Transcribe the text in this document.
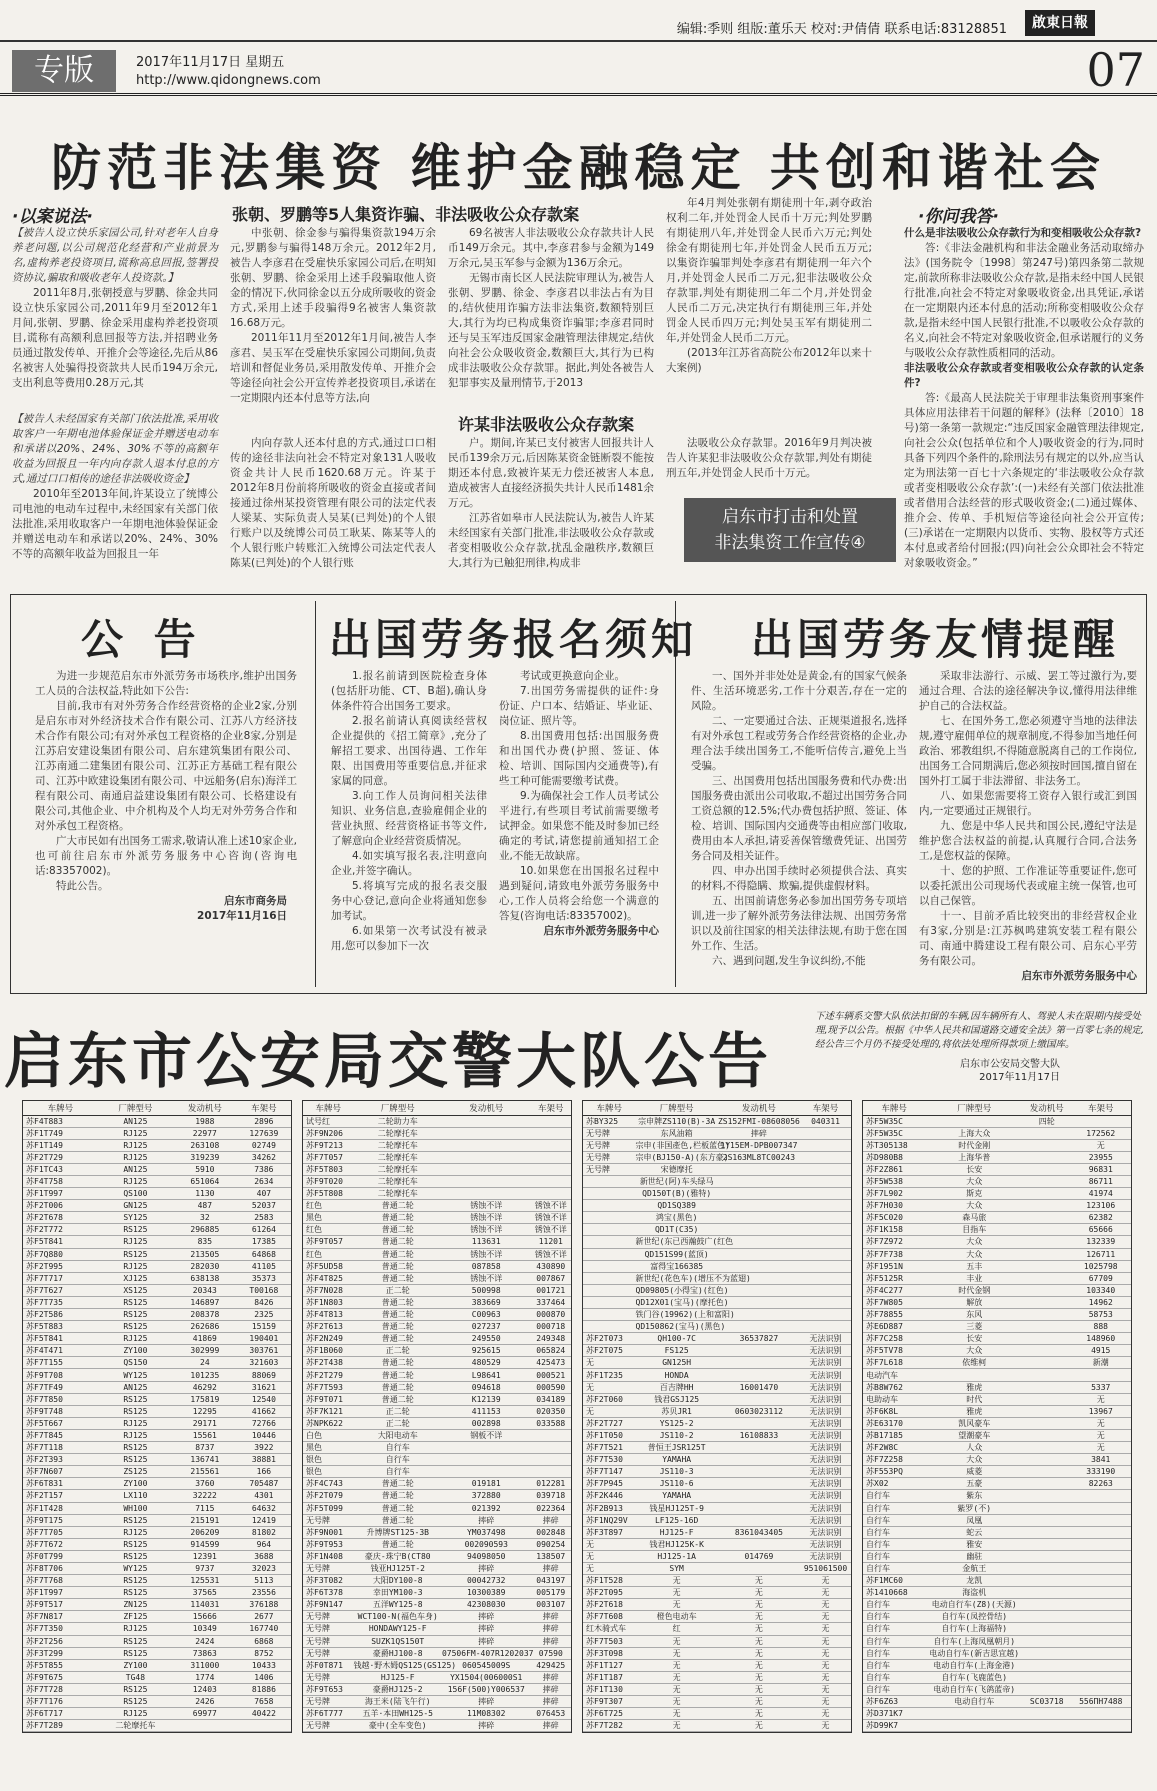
编辑:季则 组版:董乐天 校对:尹倩倩 联系电话:83128851	啟東日報
专版	2017年11月17日 星期五
http://www.qidongnews.com	07
防范非法集资 维护金融稳定 共创和谐社会
·以案说法·	张朝、罗鹏等5人集资诈骗、非法吸收公众存款案

【被告人设立快乐家园公司,针对老年人自身养老问题,以公司规范化经营和产业前景为名,虚构养老投资项目,谎称高息回报,签署投资协议,骗取和吸收老年人投资款。】

2011年8月,张朝授意与罗鹏、徐金共同设立快乐家园公司,2011年9月至2012年1月间,张朝、罗鹏、徐金采用虚构养老投资项目,谎称有高额利息回报等方法,并招聘业务员通过散发传单、开推介会等途径,先后从86名被害人处骗得投资款共人民币194万余元,支出利息等费用0.28万元,其

中张朝、徐金参与骗得集资款194万余元,罗鹏参与骗得148万余元。2012年2月,被告人李彦君在受雇快乐家园公司后,在明知张朝、罗鹏、徐金采用上述手段骗取他人资金的情况下,伙同徐金以五分成所吸收的资金方式,采用上述手段骗得9名被害人集资款16.68万元。

2011年11月至2012年1月间,被告人李彦君、吴玉军在受雇快乐家园公司期间,负责培训和督促业务员,采用散发传单、开推介会等途径向社会公开宣传养老投资项目,承诺在一定期限内还本付息等方法,向

69名被害人非法吸收公众存款共计人民币149万余元。其中,李彦君参与金额为149万余元,吴玉军参与金额为136万余元。

无锡市南长区人民法院审理认为,被告人张朝、罗鹏、徐金、李彦君以非法占有为目的,结伙使用诈骗方法非法集资,数额特别巨大,其行为均已构成集资诈骗罪;李彦君同时还与吴玉军违反国家金融管理法律规定,结伙向社会公众吸收资金,数额巨大,其行为已构成非法吸收公众存款罪。据此,判处各被告人犯罪事实及量刑情节,于2013

年4月判处张朝有期徒刑十年,剥夺政治权利二年,并处罚金人民币十万元;判处罗鹏有期徒刑八年,并处罚金人民币六万元;判处徐金有期徒刑七年,并处罚金人民币五万元;以集资诈骗罪判处李彦君有期徒刑一年六个月,并处罚金人民币二万元,犯非法吸收公众存款罪,判处有期徒刑二年二个月,并处罚金人民币二万元,决定执行有期徒刑三年,并处罚金人民币四万元;判处吴玉军有期徒刑二年,并处罚金人民币二万元。

(2013年江苏省高院公布2012年以来十大案例)

许某非法吸收公众存款案

【被告人未经国家有关部门依法批准,采用收取客户一年期电池体验保证金并赠送电动车和承诺以20%、24%、30%不等的高额年收益为回报且一年内向存款人退本付息的方式,通过口口相传的途径非法吸收资金】

2010年至2013年间,许某设立了统博公司电池的电动车过程中,未经国家有关部门依法批准,采用收取客户一年期电池体验保证金并赠送电动车和承诺以20%、24%、30%不等的高额年收益为回报且一年

内向存款人还本付息的方式,通过口口相传的途径非法向社会不特定对象131人吸收资金共计人民币1620.68万元。许某于2012年8月份前将所吸收的资金直接或者间接通过徐州某投资管理有限公司的法定代表人梁某、实际负责人吴某(已判处)的个人银行账户以及统博公司员工耿某、陈某等人的个人银行账户转账汇入统博公司法定代表人陈某(已判处)的个人银行账

户。期间,许某已支付被害人回报共计人民币139余万元,后因陈某资金链断裂不能按期还本付息,致被许某无力偿还被害人本息,造成被害人直接经济损失共计人民币1481余万元。

江苏省如皋市人民法院认为,被告人许某未经国家有关部门批准,非法吸收公众存款或者变相吸收公众存款,扰乱金融秩序,数额巨大,其行为已触犯刑律,构成非

法吸收公众存款罪。2016年9月判决被告人许某犯非法吸收公众存款罪,判处有期徒刑五年,并处罚金人民币十万元。

启东市打击和处置
非法集资工作宣传④
·你问我答·
什么是非法吸收公众存款行为和变相吸收公众存款?

答:《非法金融机构和非法金融业务活动取缔办法》(国务院令〔1998〕第247号)第四条第二款规定,前款所称非法吸收公众存款,是指未经中国人民银行批准,向社会不特定对象吸收资金,出具凭证,承诺在一定期限内还本付息的活动;所称变相吸收公众存款,是指未经中国人民银行批准,不以吸收公众存款的名义,向社会不特定对象吸收资金,但承诺履行的义务与吸收公众存款性质相同的活动。

非法吸收公众存款或者变相吸收公众存款的认定条件?

答:《最高人民法院关于审理非法集资刑事案件具体应用法律若干问题的解释》(法释〔2010〕18号)第一条第一款规定:“违反国家金融管理法律规定,向社会公众(包括单位和个人)吸收资金的行为,同时具备下列四个条件的,除刑法另有规定的以外,应当认定为刑法第一百七十六条规定的‘非法吸收公众存款或者变相吸收公众存款’:(一)未经有关部门依法批准或者借用合法经营的形式吸收资金;(二)通过媒体、推介会、传单、手机短信等途径向社会公开宣传;(三)承诺在一定期限内以货币、实物、股权等方式还本付息或者给付回报;(四)向社会公众即社会不特定对象吸收资金。”

公 告

为进一步规范启东市外派劳务市场秩序,维护出国务工人员的合法权益,特此如下公告:

目前,我市有对外劳务合作经营资格的企业2家,分别是启东市对外经济技术合作有限公司、江苏八方经济技术合作有限公司;有对外承包工程资格的企业8家,分别是江苏启安建设集团有限公司、启东建筑集团有限公司、江苏南通二建集团有限公司、江苏正方基础工程有限公司、江苏中欧建设集团有限公司、中远船务(启东)海洋工程有限公司、南通启益建设集团有限公司、长格建设有限公司,其他企业、中介机构及个人均无对外劳务合作和对外承包工程资格。

广大市民如有出国务工需求,敬请认准上述10家企业,也可前往启东市外派劳务服务中心咨询(咨询电话:83357002)。

特此公告。

启东市商务局

2017年11月16日

出国劳务报名须知

1.报名前请到医院检查身体(包括肝功能、CT、B超),确认身体条件符合出国务工要求。

2.报名前请认真阅读经营权企业提供的《招工简章》,充分了解招工要求、出国待遇、工作年限、出国费用等重要信息,并征求家属的同意。

3.向工作人员询问相关法律知识、业务信息,查验雇佣企业的营业执照、经营资格证书等文件,了解意向企业经营资质情况。

4.如实填写报名表,注明意向企业,并签字确认。

5.将填写完成的报名表交服务中心登记,意向企业将通知您参加考试。

6.如果第一次考试没有被录用,您可以参加下一次

考试或更换意向企业。

7.出国劳务需提供的证件:身份证、户口本、结婚证、毕业证、岗位证、照片等。

8.出国费用包括:出国服务费和出国代办费(护照、签证、体检、培训、国际国内交通费等),有些工种可能需要缴考试费。

9.为确保社会工作人员考试公平进行,有些项目考试前需要缴考试押金。如果您不能及时参加已经确定的考试,请您提前通知招工企业,不能无故缺席。

10.如果您在出国报名过程中遇到疑问,请致电外派劳务服务中心,工作人员将会给您一个满意的答复(咨询电话:83357002)。

启东市外派劳务服务中心

出国劳务友情提醒

一、国外并非处处是黄金,有的国家气候条件、生活环境恶劣,工作十分艰苦,存在一定的风险。

二、一定要通过合法、正规渠道报名,选择有对外承包工程或劳务合作经营资格的企业,办理合法手续出国务工,不能听信传言,避免上当受骗。

三、出国费用包括出国服务费和代办费:出国服务费由派出公司收取,不超过出国劳务合同工资总额的12.5%;代办费包括护照、签证、体检、培训、国际国内交通费等由相应部门收取,费用由本人承担,请妥善保管缴费凭证、出国劳务合同及相关证件。

四、申办出国手续时必须提供合法、真实的材料,不得隐瞒、欺骗,提供虚假材料。

五、出国前请您务必参加出国劳务专项培训,进一步了解外派劳务法律法规、出国劳务常识以及前往国家的相关法律法规,有助于您在国外工作、生活。

六、遇到问题,发生争议纠纷,不能

采取非法游行、示威、罢工等过激行为,要通过合理、合法的途径解决争议,懂得用法律维护自己的合法权益。

七、在国外务工,您必须遵守当地的法律法规,遵守雇佣单位的规章制度,不得参加当地任何政治、邪教组织,不得随意脱离自己的工作岗位,出国务工合同期满后,您必须按时回国,擅自留在国外打工属于非法滞留、非法务工。

八、如果您需要将工资存入银行或汇到国内,一定要通过正规银行。

九、您是中华人民共和国公民,遵纪守法是维护您合法权益的前提,认真履行合同,合法务工,是您权益的保障。

十、您的护照、工作准证等重要证件,您可以委托派出公司现场代表或雇主统一保管,也可以自己保管。

十一、目前矛盾比较突出的非经营权企业有3家,分别是:江苏枫鸣建筑安装工程有限公司、南通中腾建设工程有限公司、启东心平劳务有限公司。

启东市外派劳务服务中心

启东市公安局交警大队公告
下述车辆系交警大队依法扣留的车辆,因车辆所有人、驾驶人未在限期内接受处理,现予以公告。根据《中华人民共和国道路交通安全法》第一百零七条的规定,经公告三个月仍不接受处理的,将依法处理所得款项上缴国库。
启东市公安局交警大队
2017年11月17日
车牌号	厂牌型号	发动机号	车架号
苏F4T883	AN125	1988	2896
苏F1T749	RJ125	22977	127639
苏F1T149	RJ125	263108	02749
苏F2T729	RJ125	319239	34262
苏F1TC43	AN125	5910	7386
苏F4T758	RJ125	651064	2634
苏F1T997	QS100	1130	407
苏F2T006	GN125	487	52037
苏F2T678	SY125	32	2583
苏F2T772	RS125	296885	61264
苏F5T841	RJ125	835	17385
苏F7Q880	RS125	213505	64868
苏F2T995	RJ125	282030	41105
苏F7T717	XJ125	638138	35373
苏F7T627	XS125	20343	T00168
苏F7T735	RS125	146897	8426
苏F2T586	RS125	208378	2325
苏F5T883	RS125	262686	15159
苏F5T841	RJ125	41869	190401
苏F4T471	ZY100	302999	303761
苏F7T155	QS150	24	321603
苏F9T708	WY125	101235	88069
苏F7TF49	AN125	46292	31621
苏F7T850	RS125	175819	12540
苏F9T748	RS125	12295	41662
苏F5T667	RJ125	29171	72766
苏F7T845	RJ125	15561	10446
苏F7T118	RS125	8737	3922
苏F2T393	RS125	136741	38881
苏F7N607	ZS125	215561	166
苏F6T831	ZY100	3760	705487
苏F2T157	LX110	32222	4301
苏F1T428	WH100	7115	64632
苏F9T175	RS125	215191	12419
苏F7T705	RJ125	206209	81802
苏F7T672	RS125	914599	964
苏F0T799	RS125	12391	3688
苏F8T706	WY125	9737	32023
苏F7T768	RS125	125531	5113
苏F1T997	RS125	37565	23556
苏F9T517	ZN125	114031	376188
苏F7N817	ZF125	15666	2677
苏F7T350	RJ125	10349	167740
苏F2T256	RS125	2424	6868
苏F3T299	RS125	73863	8752
苏F5T855	ZY100	311000	10433
苏F9T675	TG48	1774	1406
苏F7T728	RS125	12403	81886
苏F7T176	RS125	2426	7658
苏F6T717	RJ125	69977	40422
苏F7T289	二轮摩托车		
车牌号	厂牌型号	发动机号	车架号
试号红	二轮助力车		
苏F9N206	二轮摩托车		
苏F9T213	二轮摩托车		
苏F7T057	二轮摩托车		
苏F5T803	二轮摩托车		
苏F9T020	二轮摩托车		
苏F5T808	二轮摩托车		
红色	普通二轮	锈蚀不详	锈蚀不详
黑色	普通二轮	锈蚀不详	锈蚀不详
红色	普通二轮	锈蚀不详	锈蚀不详
苏F9T057	普通二轮	113631	11201
红色	普通二轮	锈蚀不详	锈蚀不详
苏F5UD58	普通二轮	087858	430890
苏F4T825	普通二轮	锈蚀不详	007867
苏F7N028	正二轮	500998	001721
苏F1N803	普通二轮	383669	337464
苏F4T813	普通二轮	C00963	000870
苏F2T613	普通二轮	027237	000718
苏F2N249	普通二轮	249550	249348
苏F1B060	正二轮	925615	065824
苏F2T438	普通二轮	480529	425473
苏F2T279	普通二轮	L98641	000521
苏F7T593	普通二轮	094618	000590
苏F9T071	普通二轮	K12139	034189
苏F7K121	正二轮	411153	020350
苏NPK622	正二轮	002898	033588
白色	大阳电动车	钢板不详	
黑色	自行车		
银色	自行车		
银色	自行车		
苏F4C743	普通二轮	019181	012281
苏F2T079	普通二轮	372880	039718
苏F5T099	普通二轮	021392	022364
无号牌	普通二轮	摔碎	摔碎
苏F9N001	升博牌ST125-3B	YM037498	002848
苏F9T953	普通二轮	002090593	090254
苏F1N408	豪庆-珠宁B(CT80	94098050	138507
无号牌	钱亚HJ125T-2	摔碎	摔碎
苏F3T082	大阳DY100-8	00042732	043197
苏F6T378	幸田YM100-3	10300389	005179
苏F9N147	五洋WY125-8	42308030	003107
无号牌	WCT100-N(福色车身)	摔碎	摔碎
无号牌	HONDAWY125-F	摔碎	摔碎
无号牌	SUZK1QS150T	摔碎	摔碎
无号牌	豪爵HJ100-8	07506FM-407R1202037	07590
苏F0T871	钱越·野木姆QS125(GS125)	060545009S	429425
无号牌	HJ125-F	YX1504(006000S1	摔碎
苏F9T653	豪爵HJ125-2	156F(500)Y006537	摔碎
无号牌	海王米(陆飞午行)	摔碎	摔碎
苏F6T777	五羊·本田WH125-5	11M08302	076453
无号牌	豪中(全车变色)	摔碎	摔碎
车牌号	厂牌型号	发动机号	车架号
苏BY325	宗申牌ZS110(B)-3A	ZS152FMI-08608056	040311
无号牌	东风油箱	摔碎	
无号牌	宗申(非国產色,栏板蓝色)	1Y15EM-DPB007347	
无号牌	宗申(BJ150-A)(东方豪)	2S163ML8TC00243	
无号牌	宋德摩托		
	新世纪(阿)车头绿马		
	QD150T(B)(雅特)		
	QD1SQ389		
	鸿宝(黑色)		
	QD1T(C35)		
	新世纪(东已西瀚鼓广(红色		
	QD151S99(蓝顶)		
	富得宝166385		
	新世纪(花色车)(增压不为蓝翅)		
	QD09805(小得宝)(红色)		
	QD12X01(宝马)(摩托色)		
	铁门谷(19962)(上和富阳)		
	QD150862(宝马)(黑色)		
苏F2T073	QH100-7C	36537827	无法识别
苏F2T075	FS125		无法识别
无	GN125H		无法识别
苏F1T235	HONDA		无法识别
无	百吉牌HH	16001470	无法识别
苏F2T060	钱君GSJ125		无法识别
无	苏贝JR1	0603023112	无法识别
苏F2T727	YS125-2		无法识别
苏F1T050	JS110-2	16108833	无法识别
苏F7T521	普恒王JSR125T		无法识别
苏F7T530	YAMAHA		无法识别
苏F7T147	JS110-3		无法识别
苏F7P945	JS110-6		无法识别
苏F2K446	YAMAHA		无法识别
苏F2B913	钱星HJ125T-9		无法识别
苏F1NQ29V	LF125-16D		无法识别
苏F3T897	HJ125-F	8361043405	无法识别
无	钱君HJ125K-K		无法识别
无	HJ125-1A	014769	无法识别
无	SYM		951061500
苏F1T528	无	无	无
苏F2T095	无	无	无
苏F2T618	无	无	无
苏F7T608	橙色电动车	无	无
红木骑式车	红	无	无
苏F7T503	无	无	无
苏F3T098	无	无	无
苏F1T127	无	无	无
苏F1T187	无	无	无
苏F1T130	无	无	无
苏F9T307	无	无	无
苏F6T725	无	无	无
苏F7T282	无	无	无
车牌号	厂牌型号	发动机号	车架号
苏F5W35C		四轮	
苏F5W35C	上海大众		172562
苏T305138	时代金刚		无
苏D980B8	上海华普		23955
苏F2Z861	长安		96831
苏F5W538	大众		86711
苏F7L902	斯克		41974
苏F7H030	大众		123106
苏F5C020	森马旅		62382
苏F1K158	目指车		65666
苏F7Z972	大众		132339
苏F7F738	大众		126711
苏F1951N	五丰		1025798
苏F5125R	丰业		67709
苏F4C277	时代金钢		103340
苏F7W805	解放		14962
苏F78855	东风		58753
苏E6D887	三菱		888
苏F7C258	长安		148960
苏F5TV78	大众		4915
苏F7L618	依维柯		新潮
电动汽车			
苏B8W762	雅虎		5337
电助动车	时代		无
苏F6K8L	雅虎		13967
苏E63170	凯风豪车		无
苏B17185	望潮豪车		无
苏F2W8C	人众		无
苏F7Z258	大众		3841
苏F553PQ	威菱		333190
苏X02	五豪		82263
自行车	紫东		
自行车	紫罗(不)		
自行车	凤凰		
自行车	蛇云		
自行车	雅安		
自行车	幽驻		
自行车	金航王		
苏F1MC60	龙凯		
苏1410668	海盗机		
自行车	电动自行车(Z8)(天源)		
自行车	自行车(凤控骨结)		
自行车	自行车(上海福特)		
自行车	自行车(上海凤凰朝月)		
自行车	电动自行车(新吉思宜越)		
自行车	电动自行车(上海金港)		
自行车	自行车(飞鹿蓝色)		
自行车	电动自行车(飞鸽蓝帝)		
苏F6Z63	电动自行车	SC03718	556ΠH7488
苏D371K7			
苏D99K7			
